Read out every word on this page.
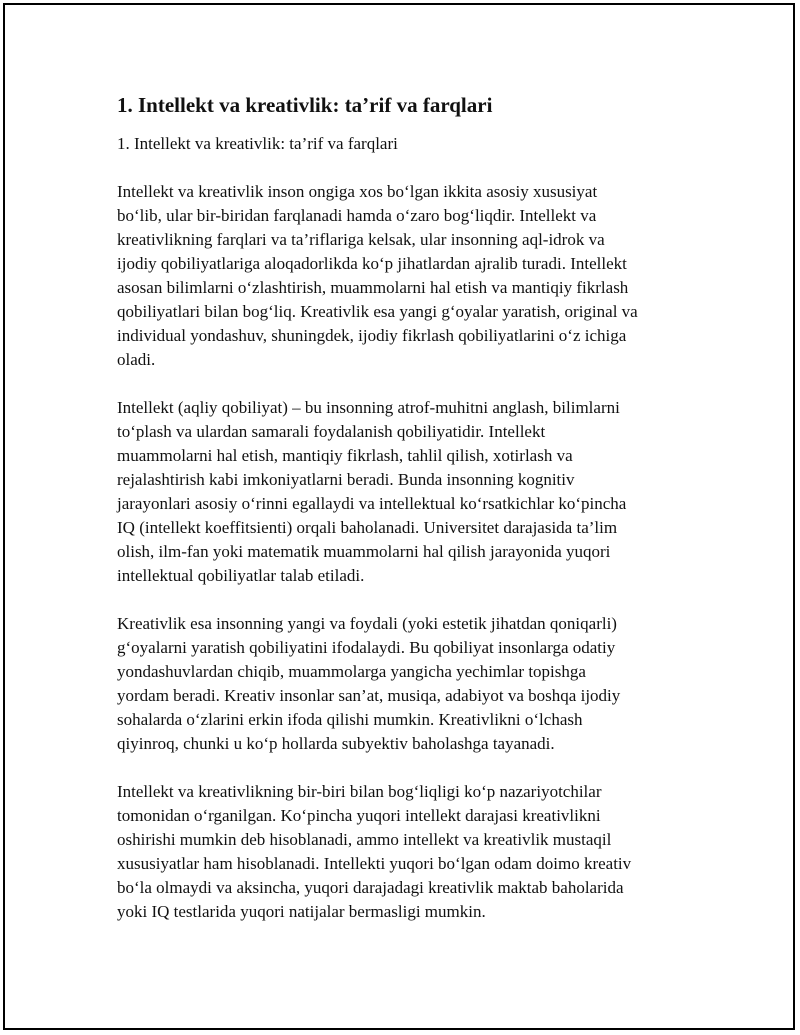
1. Intellekt va kreativlik: ta’rif va farqlari
1. Intellekt va kreativlik: ta’rif va farqlari
Intellekt va kreativlik inson ongiga xos bo‘lgan ikkita asosiy xususiyat
bo‘lib, ular bir-biridan farqlanadi hamda o‘zaro bog‘liqdir. Intellekt va
kreativlikning farqlari va ta’riflariga kelsak, ular insonning aql-idrok va
ijodiy qobiliyatlariga aloqadorlikda ko‘p jihatlardan ajralib turadi. Intellekt
asosan bilimlarni o‘zlashtirish, muammolarni hal etish va mantiqiy fikrlash
qobiliyatlari bilan bog‘liq. Kreativlik esa yangi g‘oyalar yaratish, original va
individual yondashuv, shuningdek, ijodiy fikrlash qobiliyatlarini o‘z ichiga
oladi.
Intellekt (aqliy qobiliyat) – bu insonning atrof-muhitni anglash, bilimlarni
to‘plash va ulardan samarali foydalanish qobiliyatidir. Intellekt
muammolarni hal etish, mantiqiy fikrlash, tahlil qilish, xotirlash va
rejalashtirish kabi imkoniyatlarni beradi. Bunda insonning kognitiv
jarayonlari asosiy o‘rinni egallaydi va intellektual ko‘rsatkichlar ko‘pincha
IQ (intellekt koeffitsienti) orqali baholanadi. Universitet darajasida ta’lim
olish, ilm-fan yoki matematik muammolarni hal qilish jarayonida yuqori
intellektual qobiliyatlar talab etiladi.
Kreativlik esa insonning yangi va foydali (yoki estetik jihatdan qoniqarli)
g‘oyalarni yaratish qobiliyatini ifodalaydi. Bu qobiliyat insonlarga odatiy
yondashuvlardan chiqib, muammolarga yangicha yechimlar topishga
yordam beradi. Kreativ insonlar san’at, musiqa, adabiyot va boshqa ijodiy
sohalarda o‘zlarini erkin ifoda qilishi mumkin. Kreativlikni o‘lchash
qiyinroq, chunki u ko‘p hollarda subyektiv baholashga tayanadi.
Intellekt va kreativlikning bir-biri bilan bog‘liqligi ko‘p nazariyotchilar
tomonidan o‘rganilgan. Ko‘pincha yuqori intellekt darajasi kreativlikni
oshirishi mumkin deb hisoblanadi, ammo intellekt va kreativlik mustaqil
xususiyatlar ham hisoblanadi. Intellekti yuqori bo‘lgan odam doimo kreativ
bo‘la olmaydi va aksincha, yuqori darajadagi kreativlik maktab baholarida
yoki IQ testlarida yuqori natijalar bermasligi mumkin.
